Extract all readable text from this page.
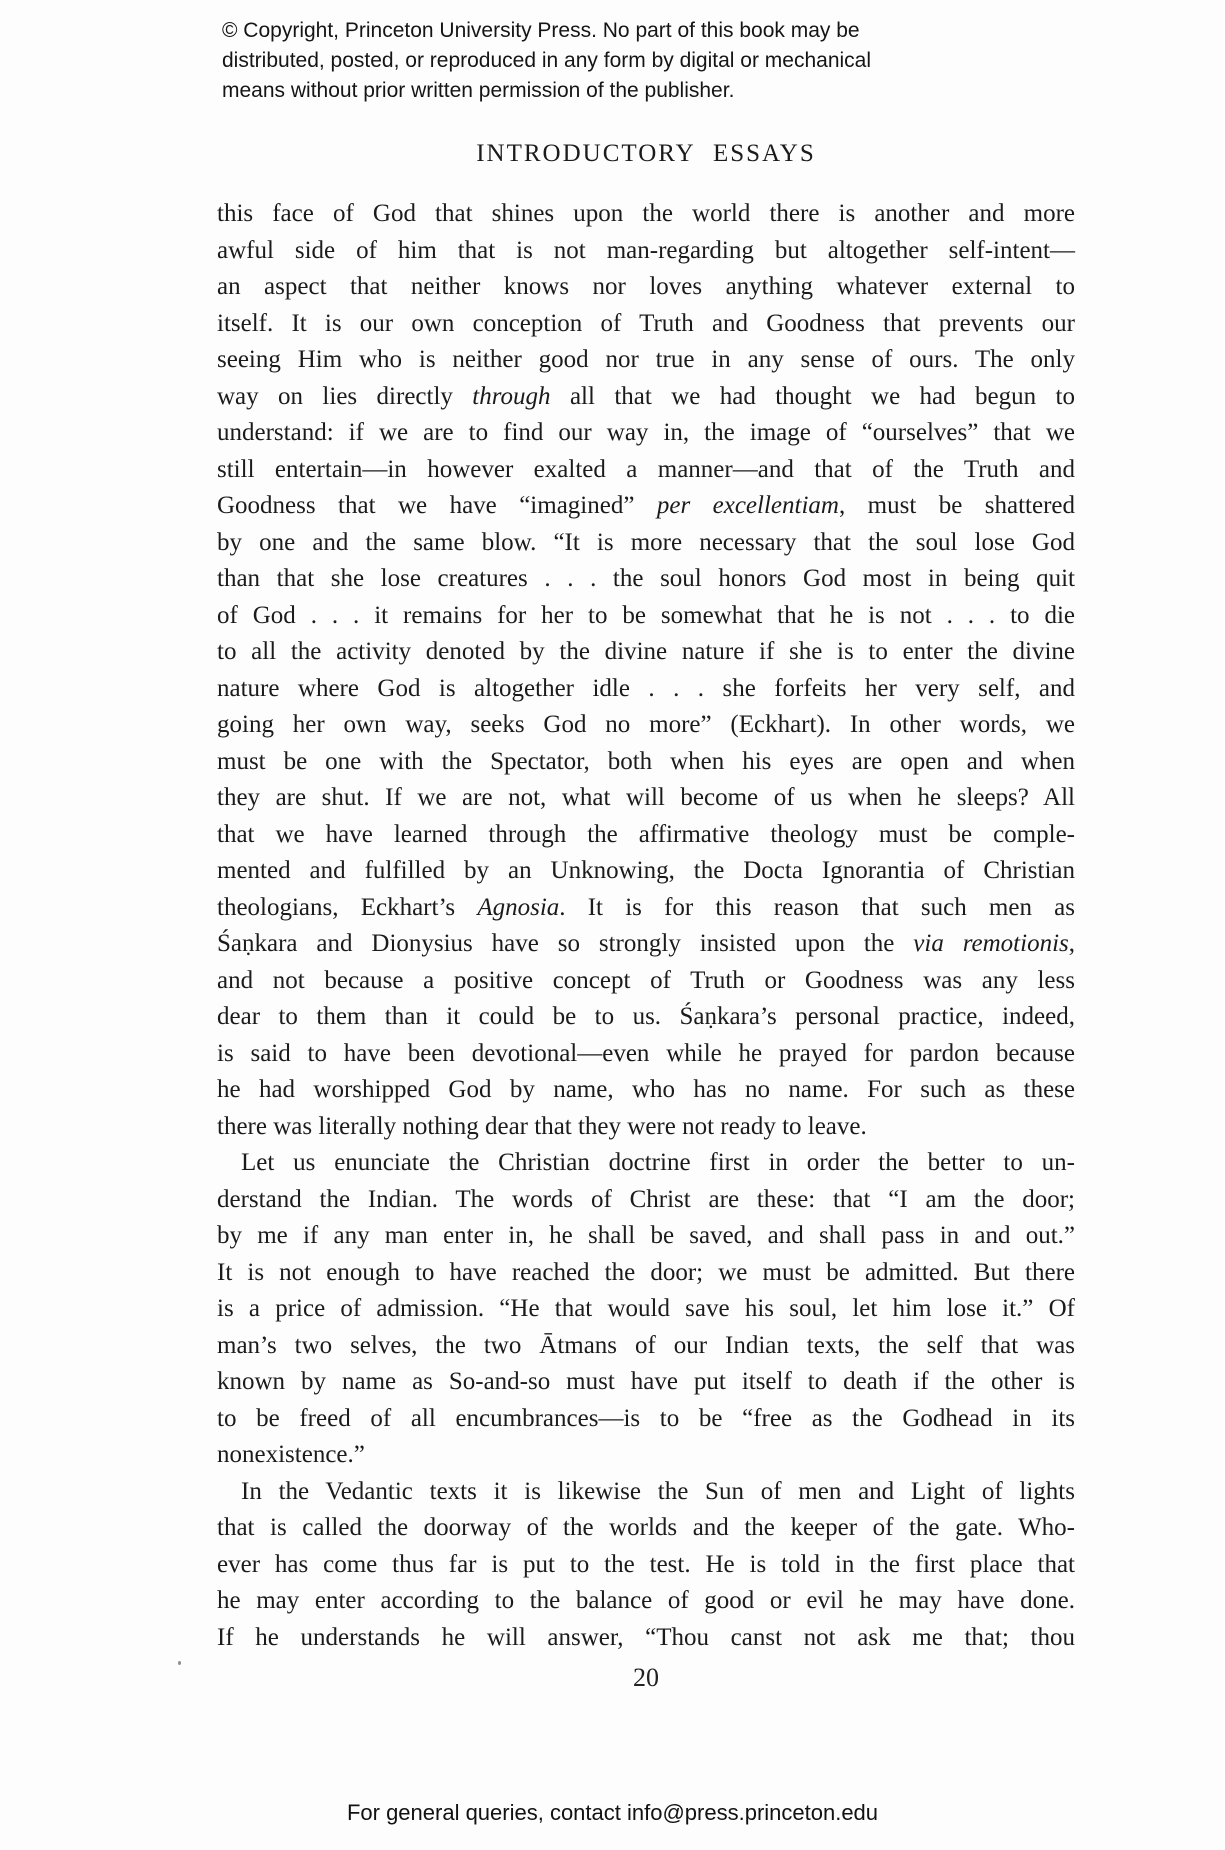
© Copyright, Princeton University Press. No part of this book may be
distributed, posted, or reproduced in any form by digital or mechanical
means without prior written permission of the publisher.
INTRODUCTORY ESSAYS
this face of God that shines upon the world there is another and more
awful side of him that is not man-regarding but altogether self-intent—
an aspect that neither knows nor loves anything whatever external to
itself. It is our own conception of Truth and Goodness that prevents our
seeing Him who is neither good nor true in any sense of ours. The only
way on lies directly through all that we had thought we had begun to
understand: if we are to find our way in, the image of “ourselves” that we
still entertain—in however exalted a manner—and that of the Truth and
Goodness that we have “imagined” per excellentiam, must be shattered
by one and the same blow. “It is more necessary that the soul lose God
than that she lose creatures . . . the soul honors God most in being quit
of God . . . it remains for her to be somewhat that he is not . . . to die
to all the activity denoted by the divine nature if she is to enter the divine
nature where God is altogether idle . . . she forfeits her very self, and
going her own way, seeks God no more” (Eckhart). In other words, we
must be one with the Spectator, both when his eyes are open and when
they are shut. If we are not, what will become of us when he sleeps? All
that we have learned through the affirmative theology must be comple-
mented and fulfilled by an Unknowing, the Docta Ignorantia of Christian
theologians, Eckhart’s Agnosia. It is for this reason that such men as
Śaṇkara and Dionysius have so strongly insisted upon the via remotionis,
and not because a positive concept of Truth or Goodness was any less
dear to them than it could be to us. Śaṇkara’s personal practice, indeed,
is said to have been devotional—even while he prayed for pardon because
he had worshipped God by name, who has no name. For such as these
there was literally nothing dear that they were not ready to leave.
Let us enunciate the Christian doctrine first in order the better to un-
derstand the Indian. The words of Christ are these: that “I am the door;
by me if any man enter in, he shall be saved, and shall pass in and out.”
It is not enough to have reached the door; we must be admitted. But there
is a price of admission. “He that would save his soul, let him lose it.” Of
man’s two selves, the two Ātmans of our Indian texts, the self that was
known by name as So-and-so must have put itself to death if the other is
to be freed of all encumbrances—is to be “free as the Godhead in its
nonexistence.”
In the Vedantic texts it is likewise the Sun of men and Light of lights
that is called the doorway of the worlds and the keeper of the gate. Who-
ever has come thus far is put to the test. He is told in the first place that
he may enter according to the balance of good or evil he may have done.
If he understands he will answer, “Thou canst not ask me that; thou
20
For general queries, contact info@press.princeton.edu
